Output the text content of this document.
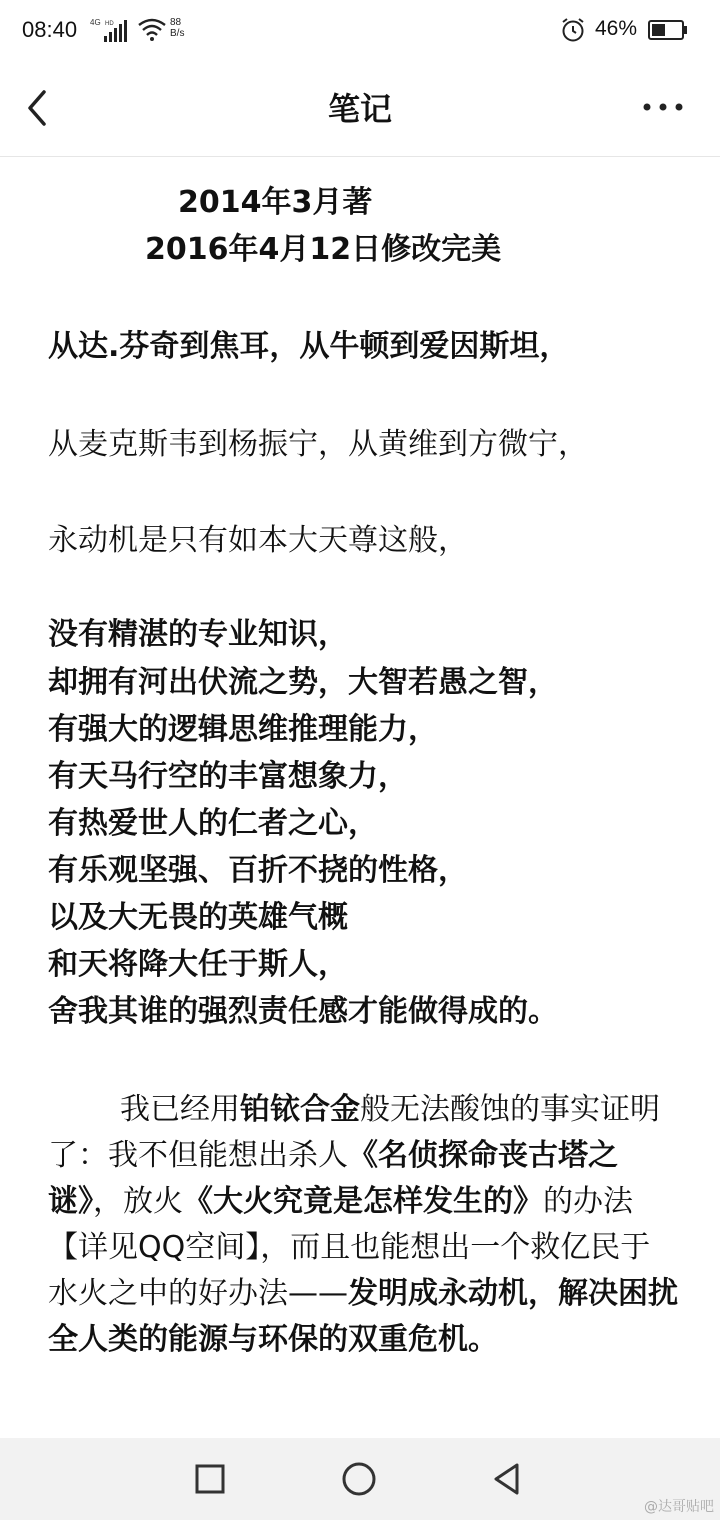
08:40 4G HD	88
B/s	46%
笔记
2014年3月著
2016年4月12日修改完美
从达.芬奇到焦耳，从牛顿到爱因斯坦，
从麦克斯韦到杨振宁，从黄维到方微宁，
永动机是只有如本大天尊这般，
没有精湛的专业知识，
却拥有河出伏流之势，大智若愚之智，
有强大的逻辑思维推理能力，
有天马行空的丰富想象力，
有热爱世人的仁者之心，
有乐观坚强、百折不挠的性格，
以及大无畏的英雄气概
和天将降大任于斯人，
舍我其谁的强烈责任感才能做得成的。
我已经用铂铱合金般无法酸蚀的事实证明了：我不但能想出杀人《名侦探命丧古塔之谜》，放火《大火究竟是怎样发生的》的办法【详见QQ空间】，而且也能想出一个救亿民于水火之中的好办法——发明成永动机，解决困扰全人类的能源与环保的双重危机。
@达哥贴吧
